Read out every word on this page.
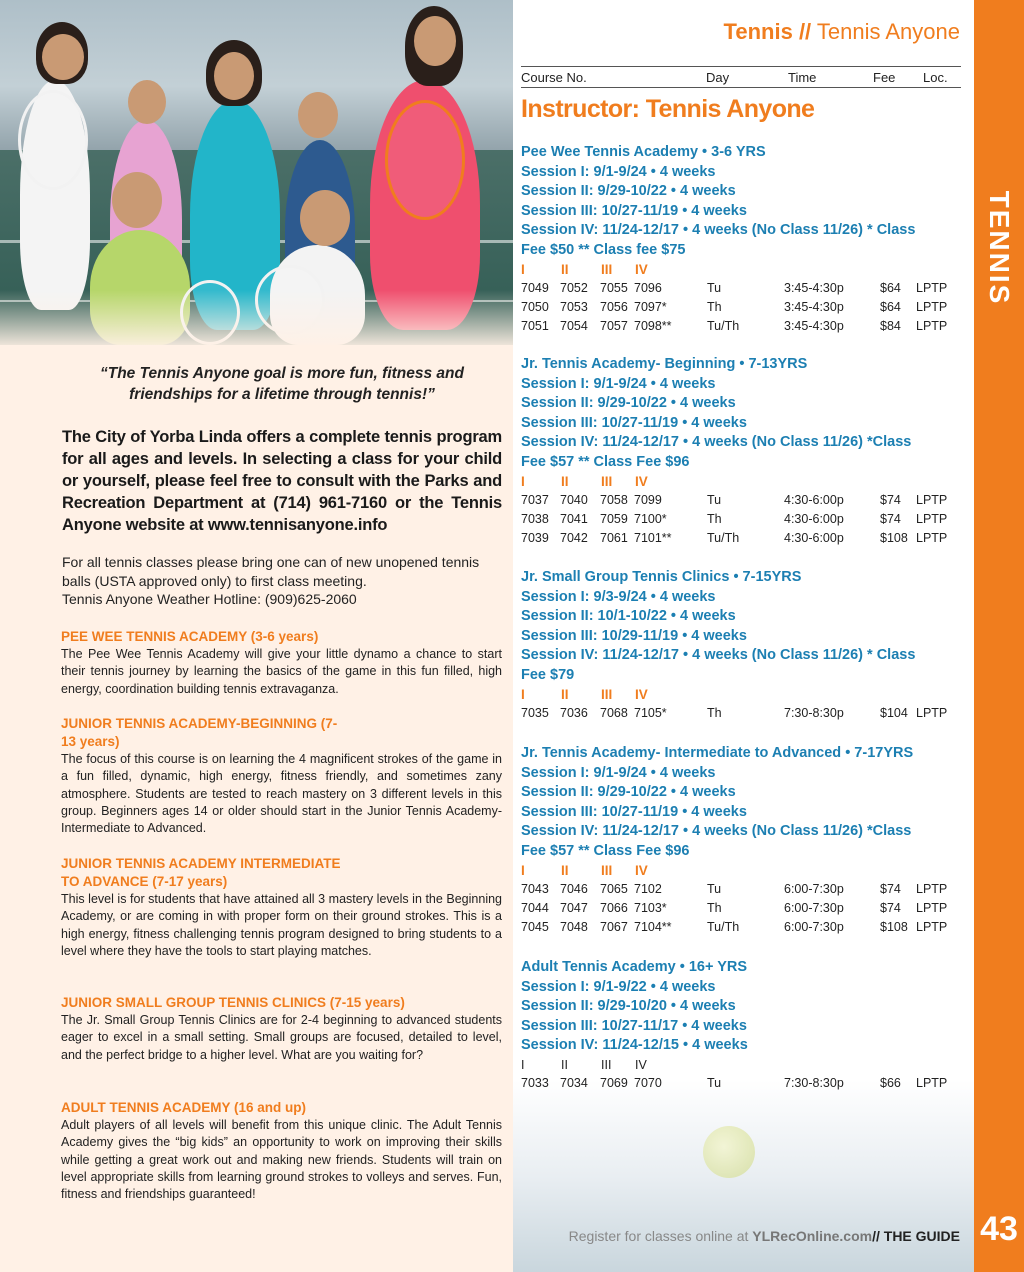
“The Tennis Anyone goal is more fun, fitness and friendships for a lifetime through tennis!”
The City of Yorba Linda offers a complete tennis program for all ages and levels. In selecting a class for your child or yourself, please feel free to consult with the Parks and Recreation Department at (714) 961-7160 or the Tennis Anyone website at www.tennisanyone.info
For all tennis classes please bring one can of new unopened tennis balls (USTA approved only) to first class meeting.
Tennis Anyone Weather Hotline: (909)625-2060
PEE WEE TENNIS ACADEMY (3-6 years)

The Pee Wee Tennis Academy will give your little dynamo a chance to start their tennis journey by learning the basics of the game in this fun filled, high energy, coordination building tennis extravaganza.

JUNIOR TENNIS ACADEMY-BEGINNING (7-13 years)

The focus of this course is on learning the 4 magnificent strokes of the game in a fun filled, dynamic, high energy, fitness friendly, and sometimes zany atmosphere. Students are tested to reach mastery on 3 different levels in this group. Beginners ages 14 or older should start in the Junior Tennis Academy- Intermediate to Advanced.

JUNIOR TENNIS ACADEMY INTERMEDIATE TO ADVANCE (7-17 years)

This level is for students that have attained all 3 mastery levels in the Beginning Academy, or are coming in with proper form on their ground strokes. This is a high energy, fitness challenging tennis program designed to bring students to a level where they have the tools to start playing matches.

JUNIOR SMALL GROUP TENNIS CLINICS (7-15 years)

The Jr. Small Group Tennis Clinics are for 2-4 beginning to advanced students eager to excel in a small setting. Small groups are focused, detailed to level, and the perfect bridge to a higher level. What are you waiting for?

ADULT TENNIS ACADEMY (16 and up)

Adult players of all levels will benefit from this unique clinic. The Adult Tennis Academy gives the “big kids” an opportunity to work on improving their skills while getting a great work out and making new friends. Students will train on level appropriate skills from learning ground strokes to volleys and serves. Fun, fitness and friendships guaranteed!

Tennis // Tennis Anyone
Course No.	Day	Time	Fee Loc.
Instructor: Tennis Anyone
Pee Wee Tennis Academy • 3-6 YRS
Session I: 9/1-9/24 • 4 weeks
Session II: 9/29-10/22 • 4 weeks
Session III: 10/27-11/19 • 4 weeks
Session IV: 11/24-12/17 • 4 weeks (No Class 11/26) * Class
Fee $50 ** Class fee $75
I	II III IV
7049 7052 7055 7096	Tu	3:45-4:30p	$64 LPTP
7050 7053 7056 7097*	Th	3:45-4:30p	$64 LPTP
7051 7054 7057 7098**	Tu/Th	3:45-4:30p	$84 LPTP
Jr. Tennis Academy- Beginning • 7-13YRS
Session I: 9/1-9/24 • 4 weeks
Session II: 9/29-10/22 • 4 weeks
Session III: 10/27-11/19 • 4 weeks
Session IV: 11/24-12/17 • 4 weeks (No Class 11/26) *Class
Fee $57 ** Class Fee $96
I	II III IV
7037 7040 7058 7099	Tu	4:30-6:00p	$74 LPTP
7038 7041 7059 7100*	Th	4:30-6:00p	$74 LPTP
7039 7042 7061 7101**	Tu/Th	4:30-6:00p	$108 LPTP
Jr. Small Group Tennis Clinics • 7-15YRS
Session I: 9/3-9/24 • 4 weeks
Session II: 10/1-10/22 • 4 weeks
Session III: 10/29-11/19 • 4 weeks
Session IV: 11/24-12/17 • 4 weeks (No Class 11/26) * Class
Fee $79
I	II III IV
7035 7036 7068 7105*	Th	7:30-8:30p	$104 LPTP
Jr. Tennis Academy- Intermediate to Advanced • 7-17YRS
Session I: 9/1-9/24 • 4 weeks
Session II: 9/29-10/22 • 4 weeks
Session III: 10/27-11/19 • 4 weeks
Session IV: 11/24-12/17 • 4 weeks (No Class 11/26) *Class
Fee $57 ** Class Fee $96
I	II III IV
7043 7046 7065 7102	Tu	6:00-7:30p	$74 LPTP
7044 7047 7066 7103*	Th	6:00-7:30p	$74 LPTP
7045 7048 7067 7104**	Tu/Th	6:00-7:30p	$108 LPTP
Adult Tennis Academy • 16+ YRS
Session I: 9/1-9/22 • 4 weeks
Session II: 9/29-10/20 • 4 weeks
Session III: 10/27-11/17 • 4 weeks
Session IV: 11/24-12/15 • 4 weeks
I	II	III IV
7033 7034 7069 7070	Tu	7:30-8:30p	$66 LPTP
Register for classes online at YLRecOnline.com// THE GUIDE
TENNIS
43
